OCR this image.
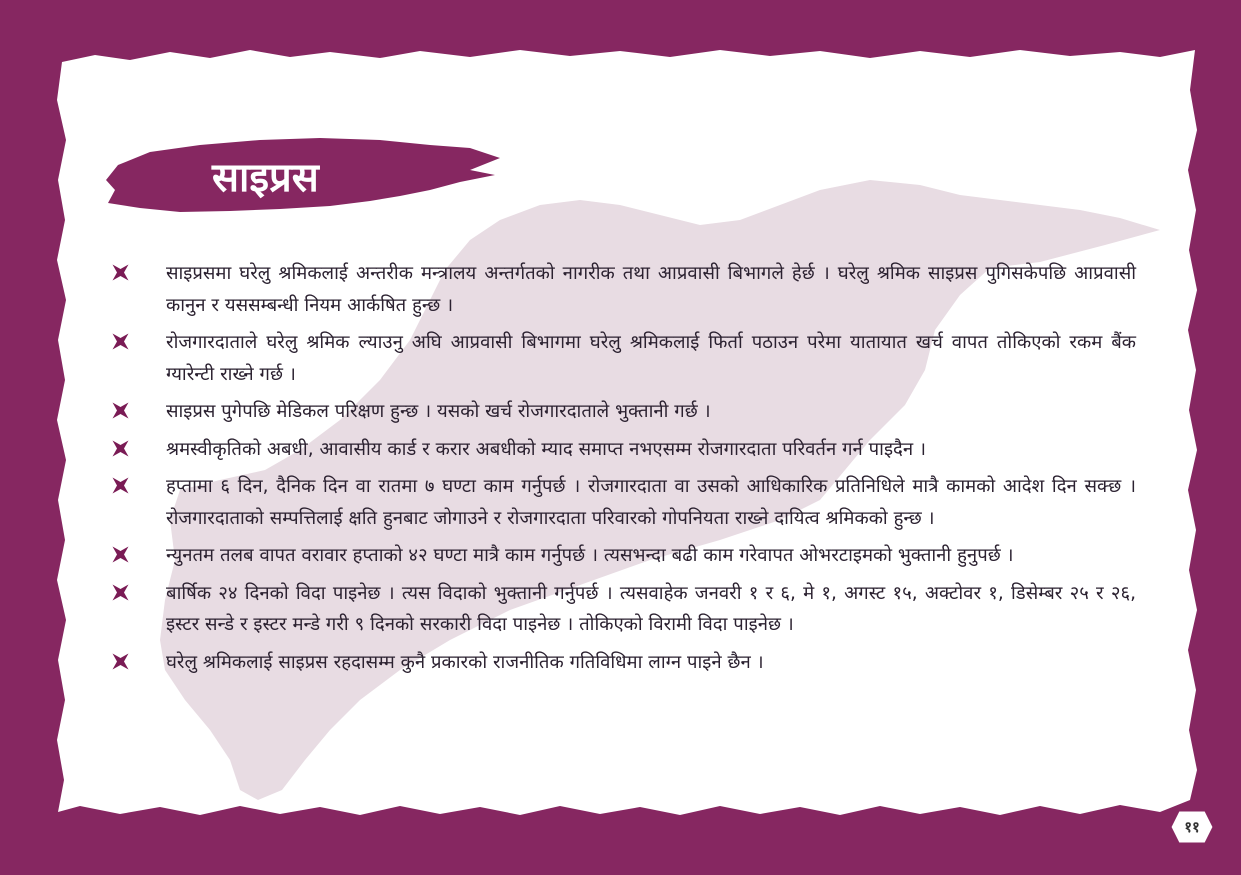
साइप्रस
साइप्रसमा घरेलु श्रमिकलाई अन्तरीक मन्त्रालय अन्तर्गतको नागरीक तथा आप्रवासी बिभागले हेर्छ । घरेलु श्रमिक साइप्रस पुगिसकेपछि आप्रवासी कानुन र यससम्बन्धी नियम आर्कषित हुन्छ ।
रोजगारदाताले घरेलु श्रमिक ल्याउनु अघि आप्रवासी बिभागमा घरेलु श्रमिकलाई फिर्ता पठाउन परेमा यातायात खर्च वापत तोकिएको रकम बैंक ग्यारेन्टी राख्ने गर्छ ।
साइप्रस पुगेपछि मेडिकल परिक्षण हुन्छ । यसको खर्च रोजगारदाताले भुक्तानी गर्छ ।
श्रमस्वीकृतिको अबधी, आवासीय कार्ड र करार अबधीको म्याद समाप्त नभएसम्म रोजगारदाता परिवर्तन गर्न पाइदैन ।
हप्तामा ६ दिन, दैनिक दिन वा रातमा ७ घण्टा काम गर्नुपर्छ । रोजगारदाता वा उसको आधिकारिक प्रतिनिधिले मात्रै कामको आदेश दिन सक्छ । रोजगारदाताको सम्पत्तिलाई क्षति हुनबाट जोगाउने र रोजगारदाता परिवारको गोपनियता राख्ने दायित्व श्रमिकको हुन्छ ।
न्युनतम तलब वापत वरावार हप्ताको ४२ घण्टा मात्रै काम गर्नुपर्छ । त्यसभन्दा बढी काम गरेवापत ओभरटाइमको भुक्तानी हुनुपर्छ ।
बार्षिक २४ दिनको विदा पाइनेछ । त्यस विदाको भुक्तानी गर्नुपर्छ । त्यसवाहेक जनवरी १ र ६, मे १, अगस्ट १५, अक्टोवर १, डिसेम्बर २५ र २६, इस्टर सन्डे र इस्टर मन्डे गरी ९ दिनको सरकारी विदा पाइनेछ । तोकिएको विरामी विदा पाइनेछ ।
घरेलु श्रमिकलाई साइप्रस रहदासम्म कुनै प्रकारको राजनीतिक गतिविधिमा लाग्न पाइने छैन ।
११
